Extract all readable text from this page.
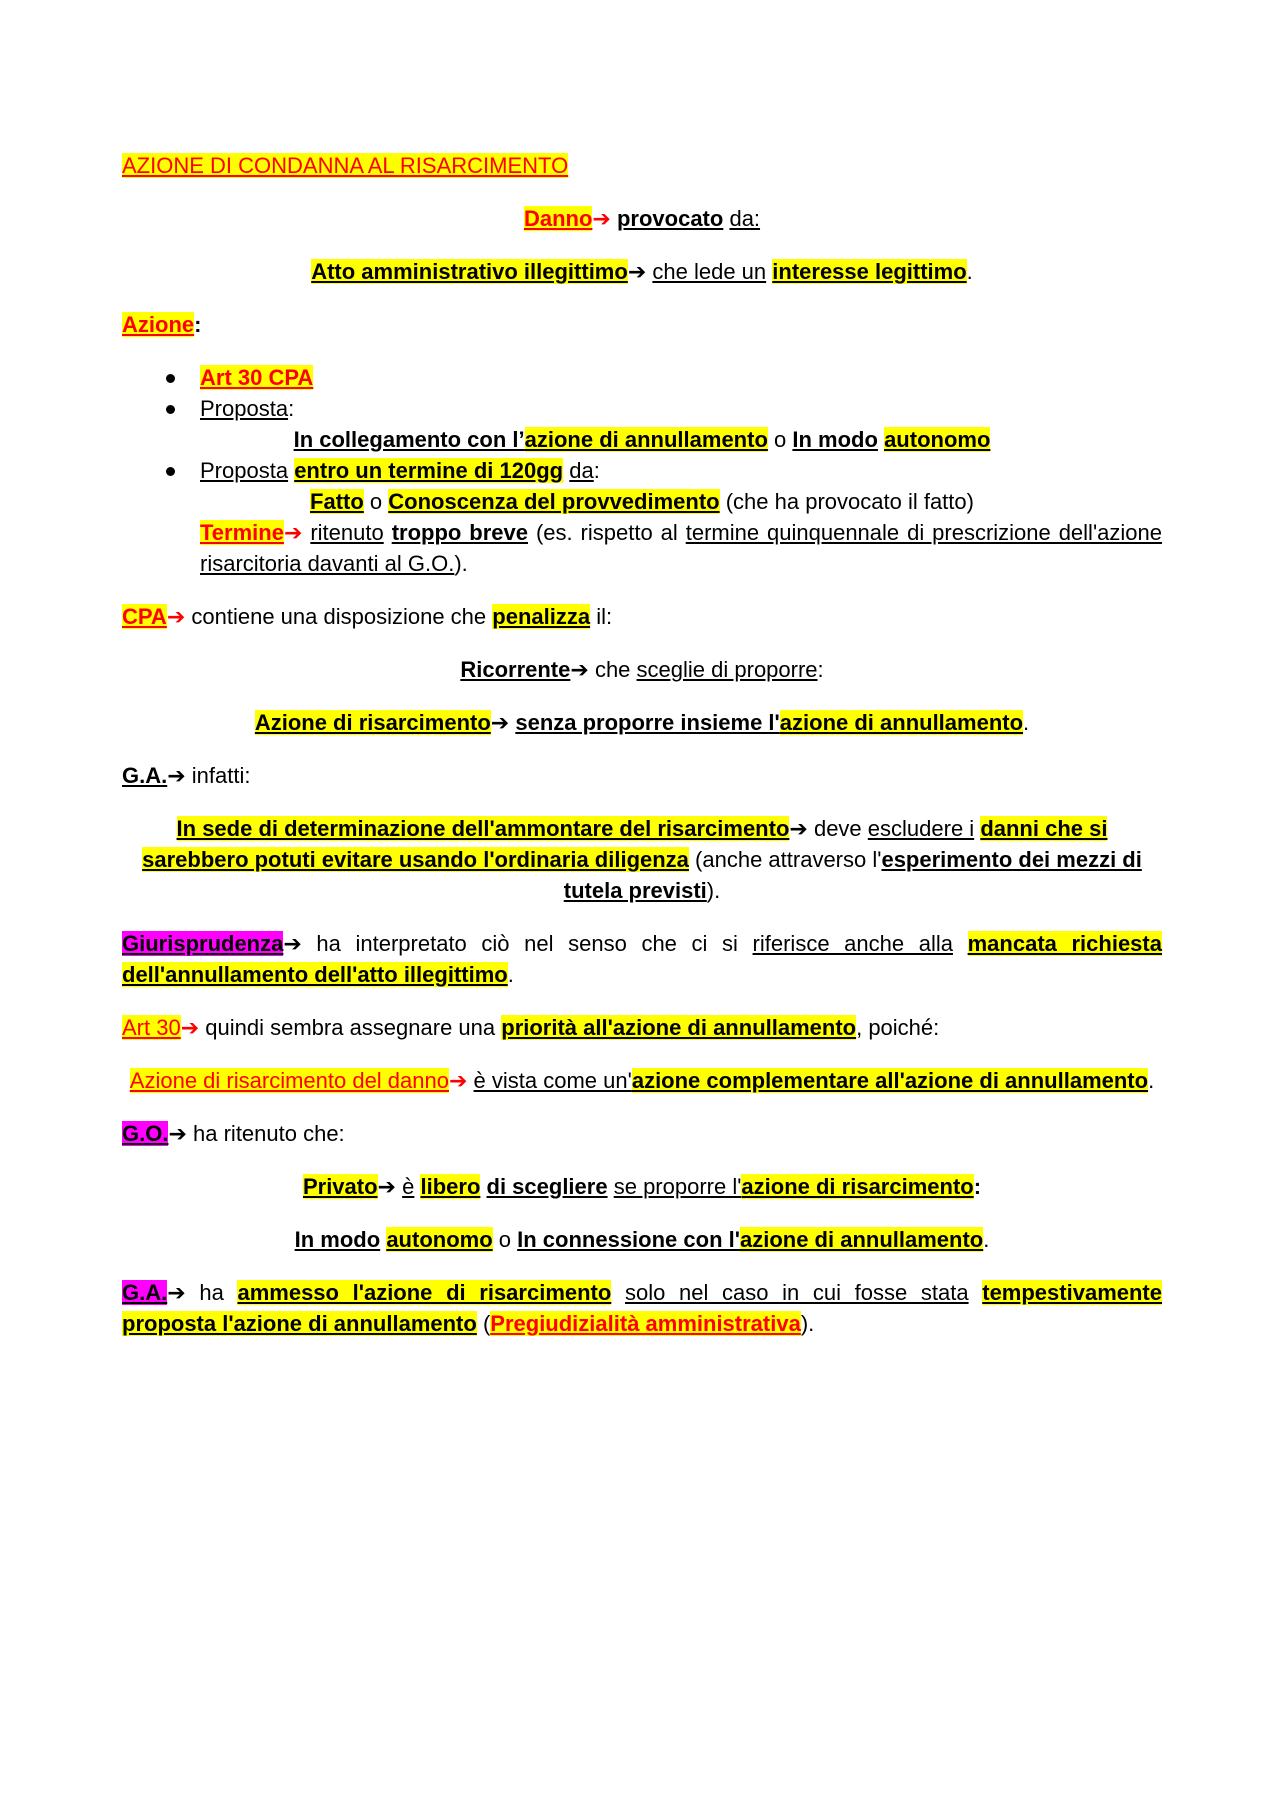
AZIONE DI CONDANNA AL RISARCIMENTO

Danno➔ provocato da:

Atto amministrativo illegittimo➔ che lede un interesse legittimo.

Azione:

Art 30 CPA
Proposta:
In collegamento con l’azione di annullamento o In modo autonomo
Proposta entro un termine di 120gg da:
Fatto o Conoscenza del provvedimento (che ha provocato il fatto)
Termine➔ ritenuto troppo breve (es. rispetto al termine quinquennale di prescrizione dell'azione risarcitoria davanti al G.O.).

CPA➔ contiene una disposizione che penalizza il:

Ricorrente➔ che sceglie di proporre:

Azione di risarcimento➔ senza proporre insieme l'azione di annullamento.

G.A.➔ infatti:

In sede di determinazione dell'ammontare del risarcimento➔ deve escludere i danni che si sarebbero potuti evitare usando l'ordinaria diligenza (anche attraverso l'esperimento dei mezzi di tutela previsti).

Giurisprudenza➔ ha interpretato ciò nel senso che ci si riferisce anche alla mancata richiesta dell'annullamento dell'atto illegittimo.

Art 30➔ quindi sembra assegnare una priorità all'azione di annullamento, poiché:

Azione di risarcimento del danno➔ è vista come un'azione complementare all'azione di annullamento.

G.O.➔ ha ritenuto che:

Privato➔ è libero di scegliere se proporre l'azione di risarcimento:

In modo autonomo o In connessione con l'azione di annullamento.

G.A.➔ ha ammesso l'azione di risarcimento solo nel caso in cui fosse stata tempestivamente proposta l'azione di annullamento (Pregiudizialità amministrativa).
